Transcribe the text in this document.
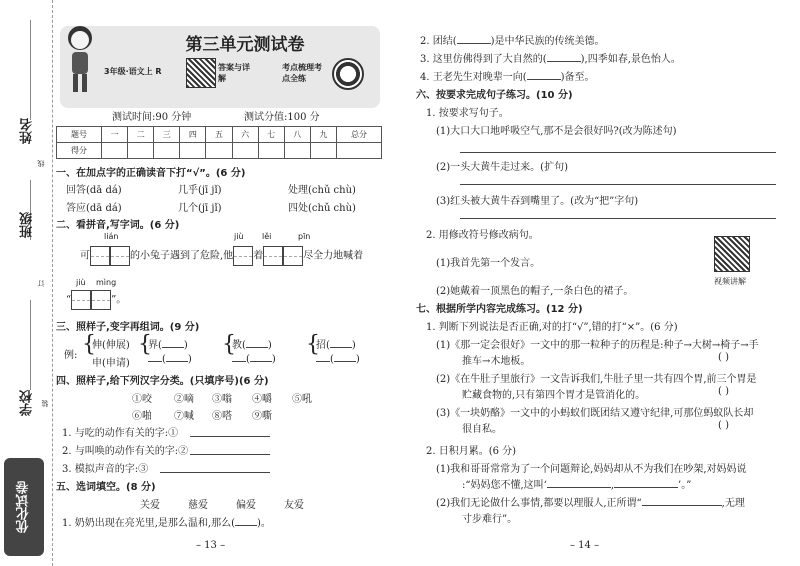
姓名
线
班级
订
学校 装
优化试卷
第三单元测试卷
3年级·语文上 R	答案与详解
考点梳理考点全练
测试时间:90 分钟	测试分值:100 分
题号	一	二	三	四	五	六	七	八	九	总分
得分										
一、在加点字的正确读音下打“√”。(6 分)
回答(dā dá)	几乎(jī jǐ)	处理(chǔ chù)
答应(dā dá)	几个(jī jǐ)	四处(chǔ chù)
二、看拼音,写字词。(6 分)
lián	jiù lěi	pīn
可	的小兔子遇到了危险,他 着	尽全力地喊着
jiù mìng
“	”。
三、照样子,变字再组词。(9 分)
例: {
伸(伸展)
申(申请)
{
界( )
( )
{
教( )
( )
{
招( )
( )
四、照样子,给下列汉字分类。(只填序号)(6 分)
①咬 ②嘀 ③嗡 ④嚼 ⑤吼
⑥啪 ⑦喊 ⑧嗒 ⑨嘶
1. 与吃的动作有关的字:①
2. 与叫唤的动作有关的字:②
3. 模拟声音的字:③
五、选词填空。(8 分)
关爱	慈爱	偏爱	友爱
1. 奶奶出现在亮光里,是那么温和,那么( )。
– 13 –
2. 团结(	)是中华民族的传统美德。
3. 这里仿佛得到了大自然的(	),四季如春,景色怡人。
4. 王老先生对晚辈一向(	)备至。
六、按要求完成句子练习。(10 分)
1. 按要求写句子。
(1)大口大口地呼吸空气,那不是会很好吗?(改为陈述句)
(2)一头大黄牛走过来。(扩句)
(3)红头被大黄牛吞到嘴里了。(改为“把”字句)
2. 用修改符号修改病句。
视频讲解
(1)我首先第一个发言。
(2)她戴着一顶黑色的帽子,一条白色的裙子。
七、根据所学内容完成练习。(12 分)
1. 判断下列说法是否正确,对的打“√”,错的打“×”。(6 分)
(1)《那一定会很好》一文中的那一粒种子的历程是:种子→大树→椅子→手
推车→木地板。	( )
(2)《在牛肚子里旅行》一文告诉我们,牛肚子里一共有四个胃,前三个胃是
贮藏食物的,只有第四个胃才是管消化的。	( )
(3)《一块奶酪》一文中的小蚂蚁们既团结又遵守纪律,可那位蚂蚁队长却
很自私。	( )
2. 日积月累。(6 分)
(1)我和哥哥常常为了一个问题辩论,妈妈却从不为我们在吵架,对妈妈说
:“妈妈您不懂,这叫‘	,	’。”
(2)我们无论做什么事情,都要以理服人,正所谓“	,无理
寸步难行”。
– 14 –
